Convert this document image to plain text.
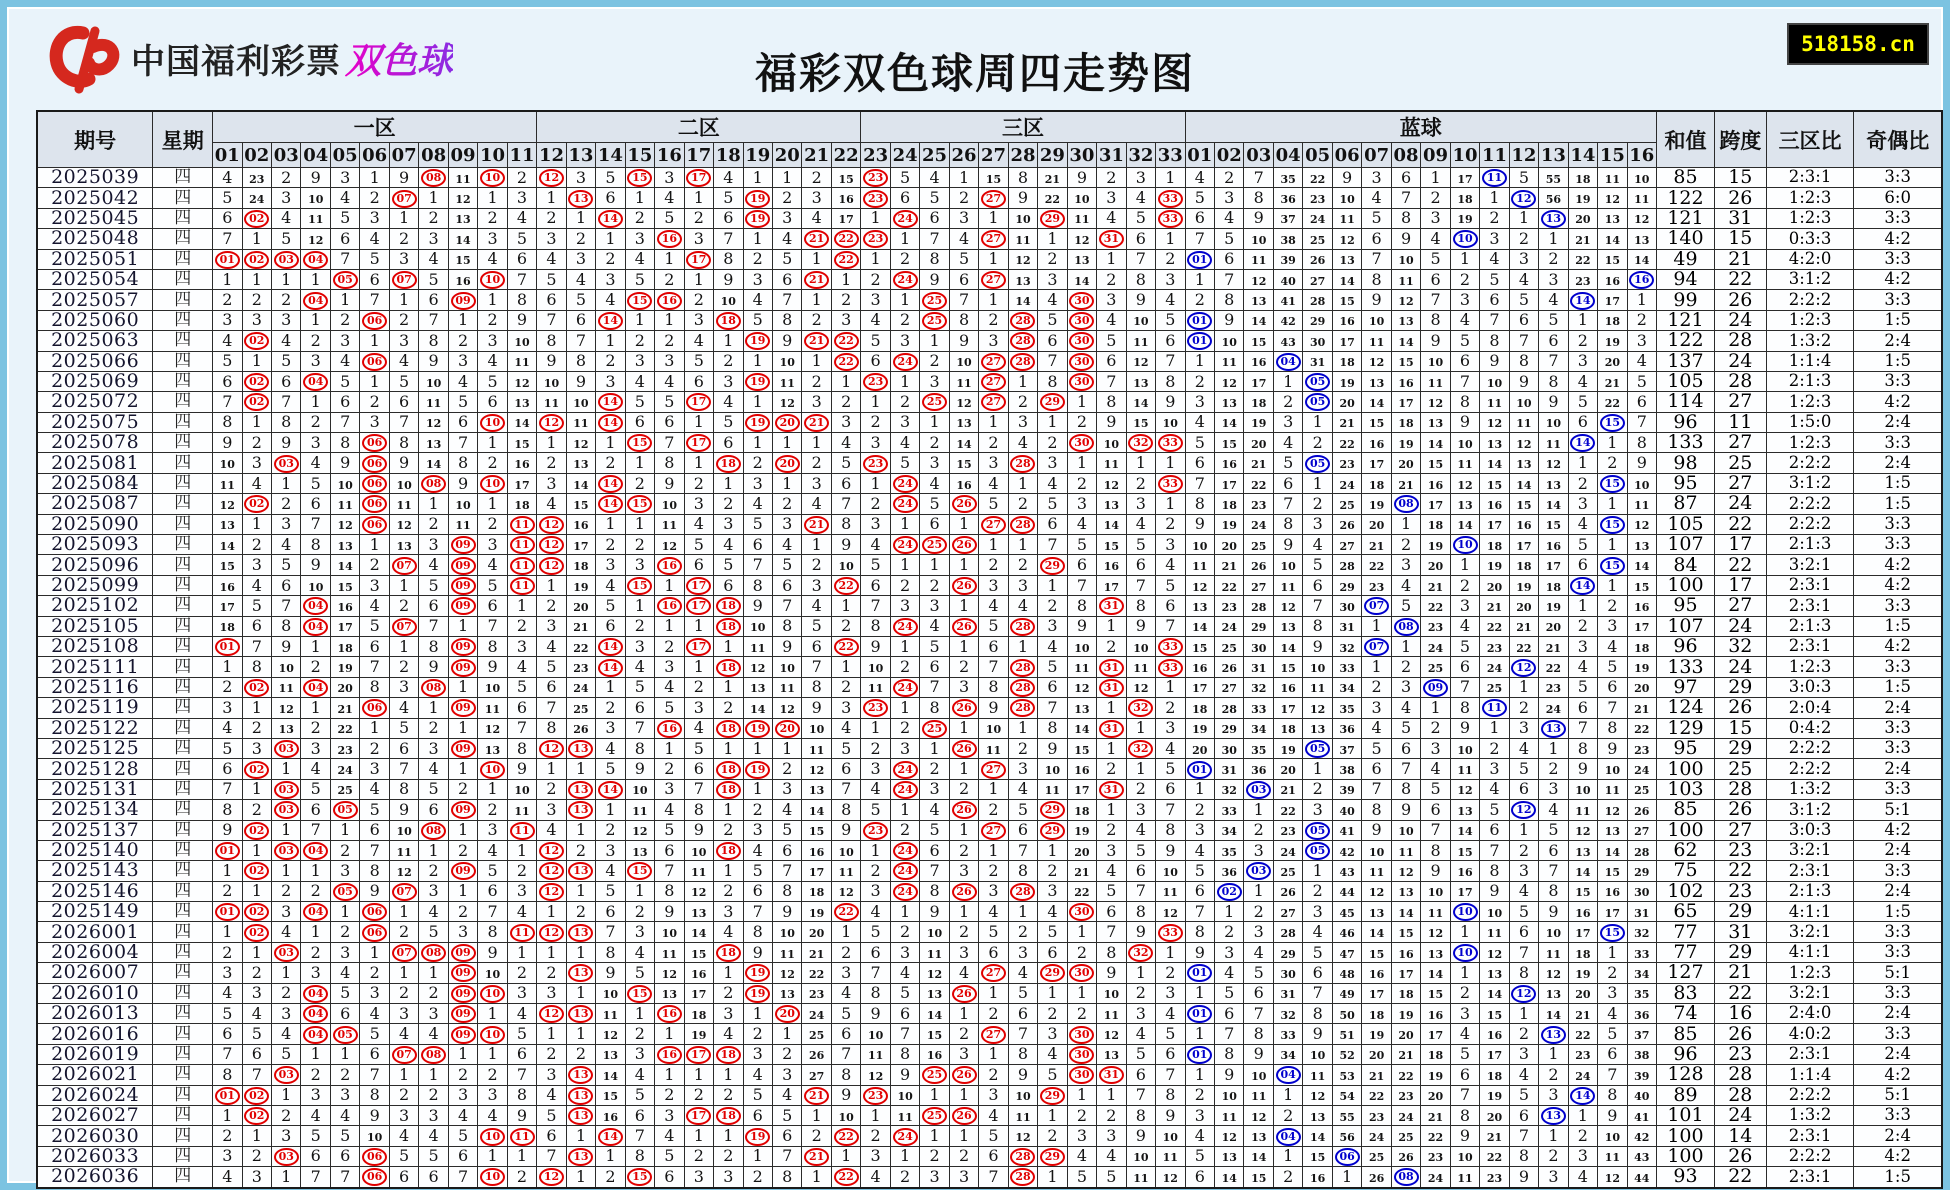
中国福利彩票 双色球	福彩双色球周四走势图
518158.cn
期号	星期	一区											二区											三区											蓝球																和值	跨度	三区比	奇偶比
		01	02	03	04	05	06	07	08	09	10	11	12	13	14	15	16	17	18	19	20	21	22	23	24	25	26	27	28	29	30	31	32	33	01	02	03	04	05	06	07	08	09	10	11	12	13	14	15	16				
2025039	四	4	23	2	9	3	1	9	08	11	10	2	12	3	5	15	3	17	4	1	1	2	15	23	5	4	1	15	8	21	9	2	3	1	4	2	7	35	22	9	3	6	1	17	11	5	55	18	11	10	85	15	2:3:1	3:3
2025042	四	5	24	3	10	4	2	07	1	12	1	3	1	13	6	1	4	1	5	19	2	3	16	23	6	5	2	27	9	22	10	3	4	33	5	3	8	36	23	10	4	7	2	18	1	12	56	19	12	11	122	26	1:2:3	6:0
2025045	四	6	02	4	11	5	3	1	2	13	2	4	2	1	14	2	5	2	6	19	3	4	17	1	24	6	3	1	10	29	11	4	5	33	6	4	9	37	24	11	5	8	3	19	2	1	13	20	13	12	121	31	1:2:3	3:3
2025048	四	7	1	5	12	6	4	2	3	14	3	5	3	2	1	3	16	3	7	1	4	21	22	23	1	7	4	27	11	1	12	31	6	1	7	5	10	38	25	12	6	9	4	10	3	2	1	21	14	13	140	15	0:3:3	4:2
2025051	四	01	02	03	04	7	5	3	4	15	4	6	4	3	2	4	1	17	8	2	5	1	22	1	2	8	5	1	12	2	13	1	7	2	01	6	11	39	26	13	7	10	5	1	4	3	2	22	15	14	49	21	4:2:0	3:3
2025054	四	1	1	1	1	05	6	07	5	16	10	7	5	4	3	5	2	1	9	3	6	21	1	2	24	9	6	27	13	3	14	2	8	3	1	7	12	40	27	14	8	11	6	2	5	4	3	23	16	16	94	22	3:1:2	4:2
2025057	四	2	2	2	04	1	7	1	6	09	1	8	6	5	4	15	16	2	10	4	7	1	2	3	1	25	7	1	14	4	30	3	9	4	2	8	13	41	28	15	9	12	7	3	6	5	4	14	17	1	99	26	2:2:2	3:3
2025060	四	3	3	3	1	2	06	2	7	1	2	9	7	6	14	1	1	3	18	5	8	2	3	4	2	25	8	2	28	5	30	4	10	5	01	9	14	42	29	16	10	13	8	4	7	6	5	1	18	2	121	24	1:2:3	1:5
2025063	四	4	02	4	2	3	1	3	8	2	3	10	8	7	1	2	2	4	1	19	9	21	22	5	3	1	9	3	28	6	30	5	11	6	01	10	15	43	30	17	11	14	9	5	8	7	6	2	19	3	122	28	1:3:2	2:4
2025066	四	5	1	5	3	4	06	4	9	3	4	11	9	8	2	3	3	5	2	1	10	1	22	6	24	2	10	27	28	7	30	6	12	7	1	11	16	04	31	18	12	15	10	6	9	8	7	3	20	4	137	24	1:1:4	1:5
2025069	四	6	02	6	04	5	1	5	10	4	5	12	10	9	3	4	4	6	3	19	11	2	1	23	1	3	11	27	1	8	30	7	13	8	2	12	17	1	05	19	13	16	11	7	10	9	8	4	21	5	105	28	2:1:3	3:3
2025072	四	7	02	7	1	6	2	6	11	5	6	13	11	10	14	5	5	17	4	1	12	3	2	1	2	25	12	27	2	29	1	8	14	9	3	13	18	2	05	20	14	17	12	8	11	10	9	5	22	6	114	27	1:2:3	4:2
2025075	四	8	1	8	2	7	3	7	12	6	10	14	12	11	14	6	6	1	5	19	20	21	3	2	3	1	13	1	3	1	2	9	15	10	4	14	19	3	1	21	15	18	13	9	12	11	10	6	15	7	96	11	1:5:0	2:4
2025078	四	9	2	9	3	8	06	8	13	7	1	15	1	12	1	15	7	17	6	1	1	1	4	3	4	2	14	2	4	2	30	10	32	33	5	15	20	4	2	22	16	19	14	10	13	12	11	14	1	8	133	27	1:2:3	3:3
2025081	四	10	3	03	4	9	06	9	14	8	2	16	2	13	2	1	8	1	18	2	20	2	5	23	5	3	15	3	28	3	1	11	1	1	6	16	21	5	05	23	17	20	15	11	14	13	12	1	2	9	98	25	2:2:2	2:4
2025084	四	11	4	1	5	10	06	10	08	9	10	17	3	14	14	2	9	2	1	3	1	3	6	1	24	4	16	4	1	4	2	12	2	33	7	17	22	6	1	24	18	21	16	12	15	14	13	2	15	10	95	27	3:1:2	1:5
2025087	四	12	02	2	6	11	06	11	1	10	1	18	4	15	14	15	10	3	2	4	2	4	7	2	24	5	26	5	2	5	3	13	3	1	8	18	23	7	2	25	19	08	17	13	16	15	14	3	1	11	87	24	2:2:2	1:5
2025090	四	13	1	3	7	12	06	12	2	11	2	11	12	16	1	1	11	4	3	5	3	21	8	3	1	6	1	27	28	6	4	14	4	2	9	19	24	8	3	26	20	1	18	14	17	16	15	4	15	12	105	22	2:2:2	3:3
2025093	四	14	2	4	8	13	1	13	3	09	3	11	12	17	2	2	12	5	4	6	4	1	9	4	24	25	26	1	1	7	5	15	5	3	10	20	25	9	4	27	21	2	19	10	18	17	16	5	1	13	107	17	2:1:3	3:3
2025096	四	15	3	5	9	14	2	07	4	09	4	11	12	18	3	3	16	6	5	7	5	2	10	5	1	1	1	2	2	29	6	16	6	4	11	21	26	10	5	28	22	3	20	1	19	18	17	6	15	14	84	22	3:2:1	4:2
2025099	四	16	4	6	10	15	3	1	5	09	5	11	1	19	4	15	1	17	6	8	6	3	22	6	2	2	26	3	3	1	7	17	7	5	12	22	27	11	6	29	23	4	21	2	20	19	18	14	1	15	100	17	2:3:1	4:2
2025102	四	17	5	7	04	16	4	2	6	09	6	1	2	20	5	1	16	17	18	9	7	4	1	7	3	3	1	4	4	2	8	31	8	6	13	23	28	12	7	30	07	5	22	3	21	20	19	1	2	16	95	27	2:3:1	3:3
2025105	四	18	6	8	04	17	5	07	7	1	7	2	3	21	6	2	1	1	18	10	8	5	2	8	24	4	26	5	28	3	9	1	9	7	14	24	29	13	8	31	1	08	23	4	22	21	20	2	3	17	107	24	2:1:3	1:5
2025108	四	01	7	9	1	18	6	1	8	09	8	3	4	22	14	3	2	17	1	11	9	6	22	9	1	5	1	6	1	4	10	2	10	33	15	25	30	14	9	32	07	1	24	5	23	22	21	3	4	18	96	32	2:3:1	4:2
2025111	四	1	8	10	2	19	7	2	9	09	9	4	5	23	14	4	3	1	18	12	10	7	1	10	2	6	2	7	28	5	11	31	11	33	16	26	31	15	10	33	1	2	25	6	24	12	22	4	5	19	133	24	1:2:3	3:3
2025116	四	2	02	11	04	20	8	3	08	1	10	5	6	24	1	5	4	2	1	13	11	8	2	11	24	7	3	8	28	6	12	31	12	1	17	27	32	16	11	34	2	3	09	7	25	1	23	5	6	20	97	29	3:0:3	1:5
2025119	四	3	1	12	1	21	06	4	1	09	11	6	7	25	2	6	5	3	2	14	12	9	3	23	1	8	26	9	28	7	13	1	32	2	18	28	33	17	12	35	3	4	1	8	11	2	24	6	7	21	124	26	2:0:4	2:4
2025122	四	4	2	13	2	22	1	5	2	1	12	7	8	26	3	7	16	4	18	19	20	10	4	1	2	25	1	10	1	8	14	31	1	3	19	29	34	18	13	36	4	5	2	9	1	3	13	7	8	22	129	15	0:4:2	3:3
2025125	四	5	3	03	3	23	2	6	3	09	13	8	12	13	4	8	1	5	1	1	1	11	5	2	3	1	26	11	2	9	15	1	32	4	20	30	35	19	05	37	5	6	3	10	2	4	1	8	9	23	95	29	2:2:2	3:3
2025128	四	6	02	1	4	24	3	7	4	1	10	9	1	1	5	9	2	6	18	19	2	12	6	3	24	2	1	27	3	10	16	2	1	5	01	31	36	20	1	38	6	7	4	11	3	5	2	9	10	24	100	25	2:2:2	2:4
2025131	四	7	1	03	5	25	4	8	5	2	1	10	2	13	14	10	3	7	18	1	3	13	7	4	24	3	2	1	4	11	17	31	2	6	1	32	03	21	2	39	7	8	5	12	4	6	3	10	11	25	103	28	1:3:2	3:3
2025134	四	8	2	03	6	05	5	9	6	09	2	11	3	13	1	11	4	8	1	2	4	14	8	5	1	4	26	2	5	29	18	1	3	7	2	33	1	22	3	40	8	9	6	13	5	12	4	11	12	26	85	26	3:1:2	5:1
2025137	四	9	02	1	7	1	6	10	08	1	3	11	4	1	2	12	5	9	2	3	5	15	9	23	2	5	1	27	6	29	19	2	4	8	3	34	2	23	05	41	9	10	7	14	6	1	5	12	13	27	100	27	3:0:3	4:2
2025140	四	01	1	03	04	2	7	11	1	2	4	1	12	2	3	13	6	10	18	4	6	16	10	1	24	6	2	1	7	1	20	3	5	9	4	35	3	24	05	42	10	11	8	15	7	2	6	13	14	28	62	23	3:2:1	2:4
2025143	四	1	02	1	1	3	8	12	2	09	5	2	12	13	4	15	7	11	1	5	7	17	11	2	24	7	3	2	8	2	21	4	6	10	5	36	03	25	1	43	11	12	9	16	8	3	7	14	15	29	75	22	2:3:1	3:3
2025146	四	2	1	2	2	05	9	07	3	1	6	3	12	1	5	1	8	12	2	6	8	18	12	3	24	8	26	3	28	3	22	5	7	11	6	02	1	26	2	44	12	13	10	17	9	4	8	15	16	30	102	23	2:1:3	2:4
2025149	四	01	02	3	04	1	06	1	4	2	7	4	1	2	6	2	9	13	3	7	9	19	22	4	1	9	1	4	1	4	30	6	8	12	7	1	2	27	3	45	13	14	11	10	10	5	9	16	17	31	65	29	4:1:1	1:5
2026001	四	1	02	4	1	2	06	2	5	3	8	11	12	13	7	3	10	14	4	8	10	20	1	5	2	10	2	5	2	5	1	7	9	33	8	2	3	28	4	46	14	15	12	1	11	6	10	17	15	32	77	31	3:2:1	3:3
2026004	四	2	1	03	2	3	1	07	08	09	9	1	1	1	8	4	11	15	18	9	11	21	2	6	3	11	3	6	3	6	2	8	32	1	9	3	4	29	5	47	15	16	13	10	12	7	11	18	1	33	77	29	4:1:1	3:3
2026007	四	3	2	1	3	4	2	1	1	09	10	2	2	13	9	5	12	16	1	19	12	22	3	7	4	12	4	27	4	29	30	9	1	2	01	4	5	30	6	48	16	17	14	1	13	8	12	19	2	34	127	21	1:2:3	5:1
2026010	四	4	3	2	04	5	3	2	2	09	10	3	3	1	10	15	13	17	2	19	13	23	4	8	5	13	26	1	5	1	1	10	2	3	1	5	6	31	7	49	17	18	15	2	14	12	13	20	3	35	83	22	3:2:1	3:3
2026013	四	5	4	3	04	6	4	3	3	09	1	4	12	13	11	1	16	18	3	1	20	24	5	9	6	14	1	2	6	2	2	11	3	4	01	6	7	32	8	50	18	19	16	3	15	1	14	21	4	36	74	16	2:4:0	2:4
2026016	四	6	5	4	04	05	5	4	4	09	10	5	1	1	12	2	1	19	4	2	1	25	6	10	7	15	2	27	7	3	30	12	4	5	1	7	8	33	9	51	19	20	17	4	16	2	13	22	5	37	85	26	4:0:2	3:3
2026019	四	7	6	5	1	1	6	07	08	1	1	6	2	2	13	3	16	17	18	3	2	26	7	11	8	16	3	1	8	4	30	13	5	6	01	8	9	34	10	52	20	21	18	5	17	3	1	23	6	38	96	23	2:3:1	2:4
2026021	四	8	7	03	2	2	7	1	1	2	2	7	3	13	14	4	1	1	1	4	3	27	8	12	9	25	26	2	9	5	30	31	6	7	1	9	10	04	11	53	21	22	19	6	18	4	2	24	7	39	128	28	1:1:4	4:2
2026024	四	01	02	1	3	3	8	2	2	3	3	8	4	13	15	5	2	2	2	5	4	21	9	23	10	1	1	3	10	29	1	1	7	8	2	10	11	1	12	54	22	23	20	7	19	5	3	14	8	40	89	28	2:2:2	5:1
2026027	四	1	02	2	4	4	9	3	3	4	4	9	5	13	16	6	3	17	18	6	5	1	10	1	11	25	26	4	11	1	2	2	8	9	3	11	12	2	13	55	23	24	21	8	20	6	13	1	9	41	101	24	1:3:2	3:3
2026030	四	2	1	3	5	5	10	4	4	5	10	11	6	1	14	7	4	1	1	19	6	2	22	2	24	1	1	5	12	2	3	3	9	10	4	12	13	04	14	56	24	25	22	9	21	7	1	2	10	42	100	14	2:3:1	2:4
2026033	四	3	2	03	6	6	06	5	5	6	1	1	7	13	1	8	5	2	2	1	7	21	1	3	1	2	2	6	28	29	4	4	10	11	5	13	14	1	15	06	25	26	23	10	22	8	2	3	11	43	100	26	2:2:2	4:2
2026036	四	4	3	1	7	7	06	6	6	7	10	2	12	1	2	15	6	3	3	2	8	1	22	4	2	3	3	7	28	1	5	5	11	12	6	14	15	2	16	1	26	08	24	11	23	9	3	4	12	44	93	22	2:3:1	1:5
